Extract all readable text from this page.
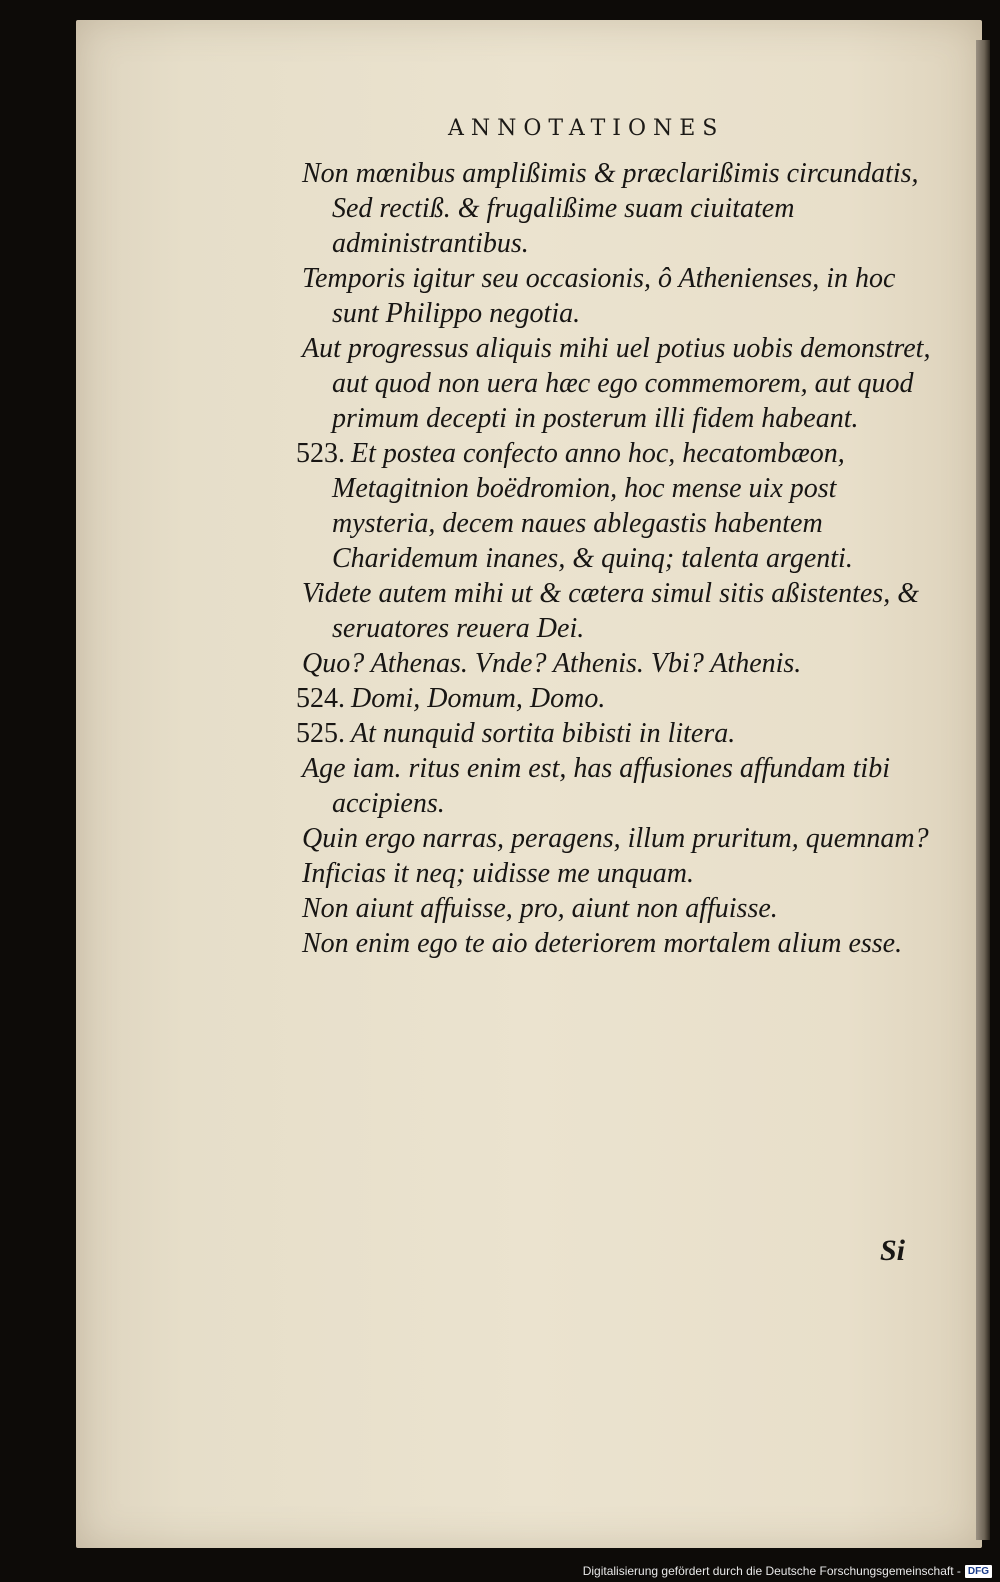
ANNOTATIONES

Non mœnibus amplißimis & præclarißimis circundatis, Sed rectiß. & frugalißime suam ciuitatem administrantibus.

Temporis igitur seu occasionis, ô Athenienses, in hoc sunt Philippo negotia.

Aut progressus aliquis mihi uel potius uobis demonstret, aut quod non uera hæc ego commemorem, aut quod primum decepti in posterum illi fidem habeant.

523. Et postea confecto anno hoc, hecatombæon, Metagitnion boëdromion, hoc mense uix post mysteria, decem naues ablegastis habentem Charidemum inanes, & quinq; talenta argenti.

Videte autem mihi ut & cætera simul sitis aßistentes, & seruatores reuera Dei.

Quo? Athenas. Vnde? Athenis. Vbi? Athenis.

524. Domi, Domum, Domo.

525. At nunquid sortita bibisti in litera.

Age iam. ritus enim est, has affusiones affundam tibi accipiens.

Quin ergo narras, peragens, illum pruritum, quemnam?

Inficias it neq; uidisse me unquam.

Non aiunt affuisse, pro, aiunt non affuisse.

Non enim ego te aio deteriorem mortalem alium esse.

Si
Digitalisierung gefördert durch die Deutsche Forschungsgemeinschaft - DFG
